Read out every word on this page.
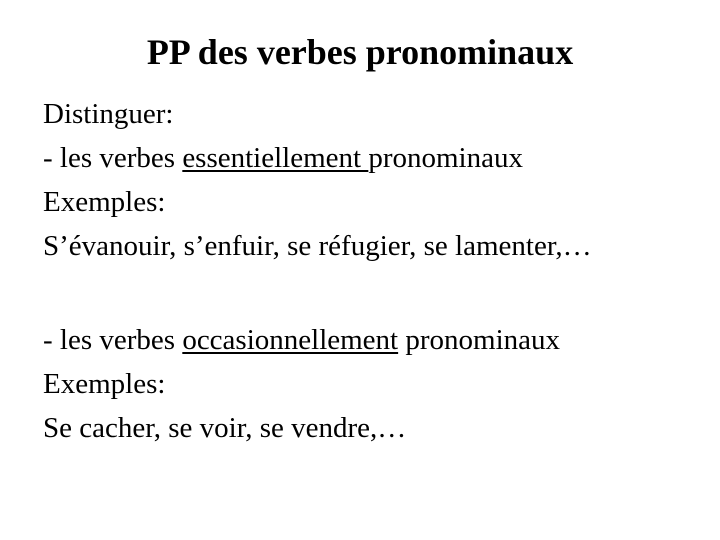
PP des verbes pronominaux
Distinguer:
- les verbes essentiellement pronominaux
Exemples:
S’évanouir, s’enfuir, se réfugier, se lamenter,…
- les verbes occasionnellement pronominaux
Exemples:
Se cacher, se voir, se vendre,…
